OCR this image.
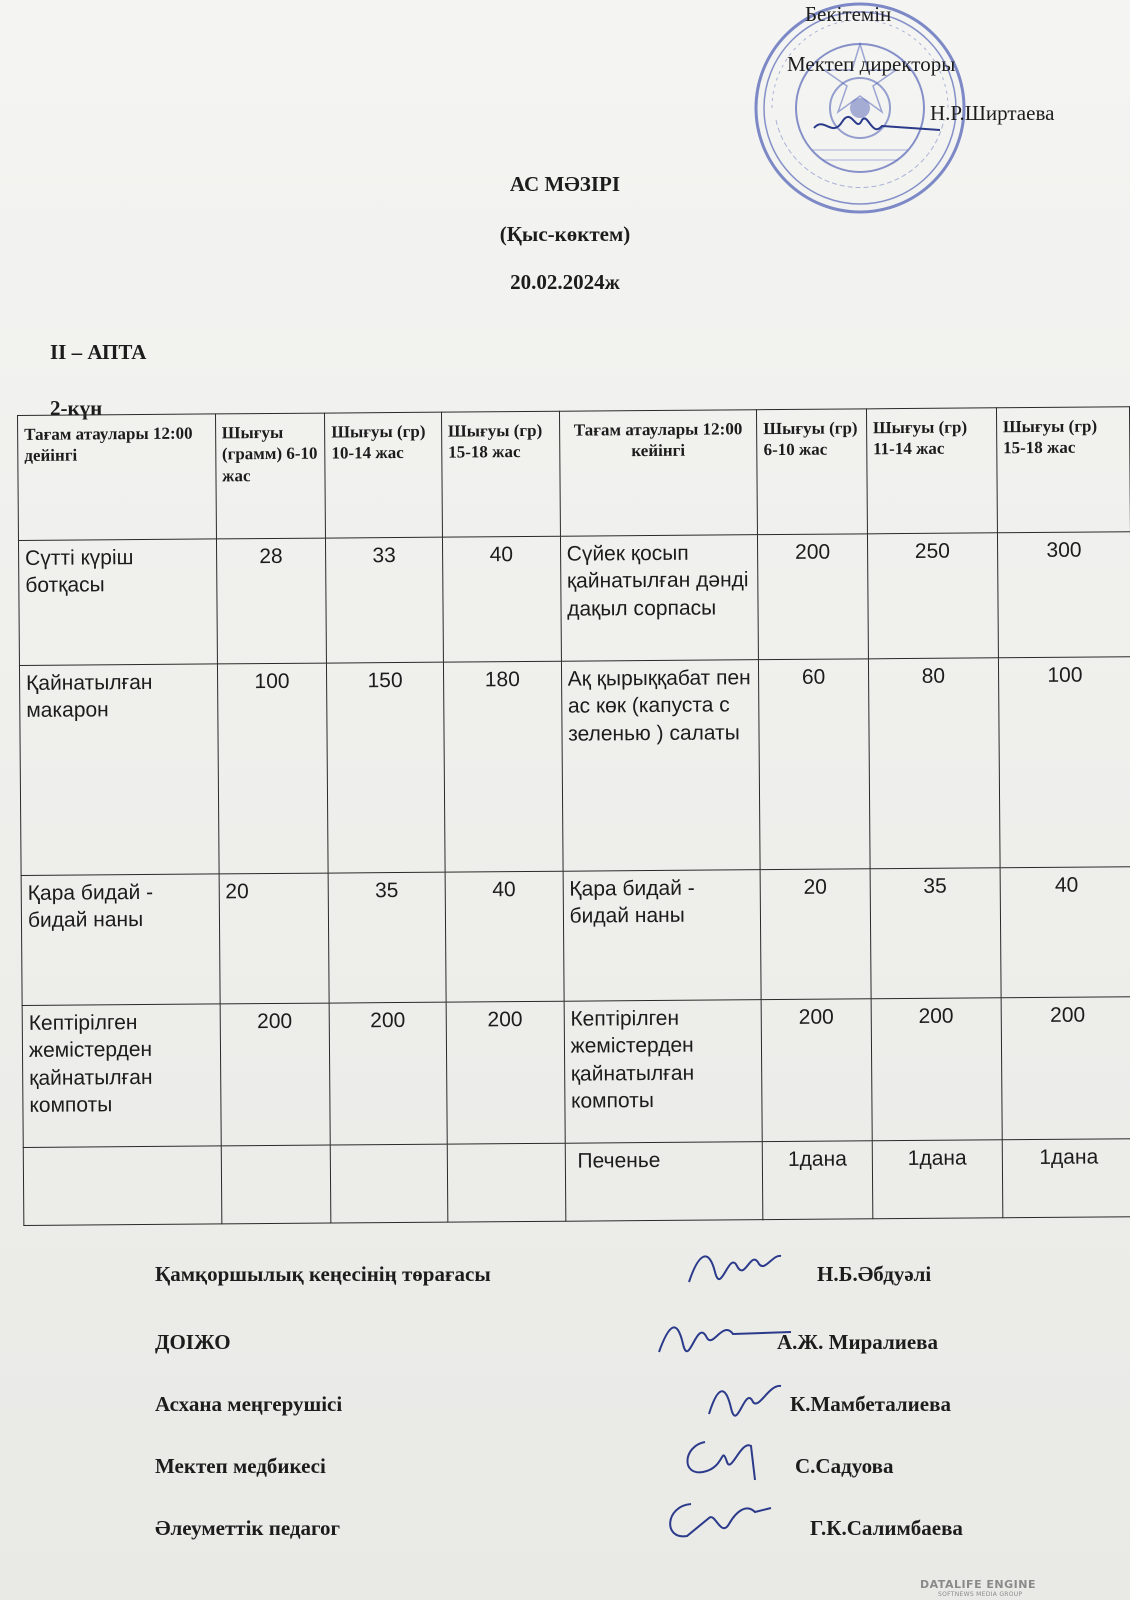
Бекітемін
Мектеп директоры
Н.Р.Ширтаева
АС МӘЗІРІ
(Қыс-көктем)
20.02.2024ж
ІІ – АПТА
2-күн
Тағам атаулары 12:00 дейінгі	Шығуы (грамм) 6-10 жас	Шығуы (гр) 10-14 жас	Шығуы (гр) 15-18 жас	Тағам атаулары 12:00 кейінгі	Шығуы (гр) 6-10 жас	Шығуы (гр) 11-14 жас	Шығуы (гр) 15-18 жас
Сүтті күріш ботқасы	28	33	40	Сүйек қосып қайнатылған дәнді дақыл сорпасы	200	250	300
Қайнатылған макарон	100	150	180	Ақ қырыққабат пен ас көк (капуста с зеленью ) салаты	60	80	100
Қара бидай - бидай наны	20	35	40	Қара бидай - бидай наны	20	35	40
Кептірілген жемістерден қайнатылған компоты	200	200	200	Кептірілген жемістерден қайнатылған компоты	200	200	200
				Печенье	1дана	1дана	1дана
Қамқоршылық кеңесінің төрағасы	Н.Б.Әбдуәлі
ДОІЖО	А.Ж. Миралиева
Асхана меңгерушісі	К.Мамбеталиева
Мектеп медбикесі	С.Садуова
Әлеуметтік педагог	Г.К.Салимбаева
DATALIFE ENGINE
SOFTNEWS MEDIA GROUP
